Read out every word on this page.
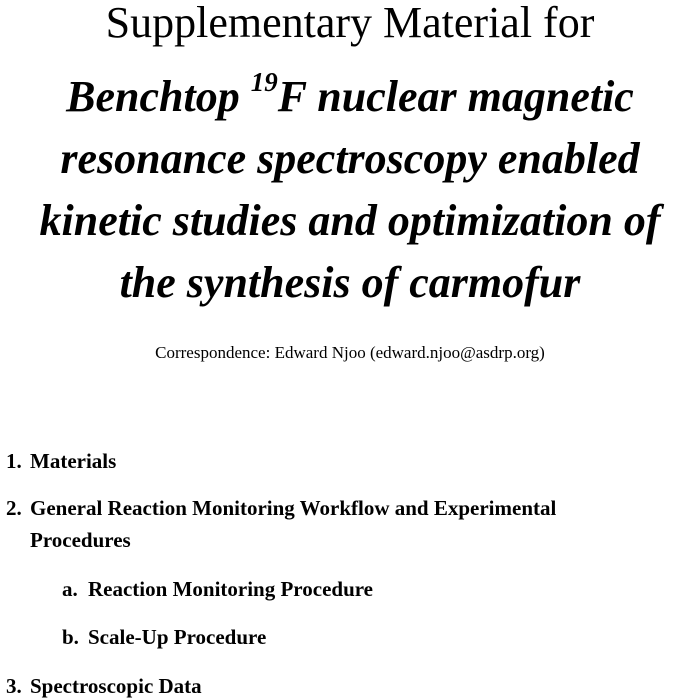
Supplementary Material for
Benchtop $^{19}$F nuclear magnetic
resonance spectroscopy enabled
kinetic studies and optimization of
the synthesis of carmofur
Correspondence: Edward Njoo (edward.njoo@asdrp.org)
1. Materials
2. General Reaction Monitoring Workflow and Experimental
Procedures
a. Reaction Monitoring Procedure
b. Scale-Up Procedure
3. Spectroscopic Data
